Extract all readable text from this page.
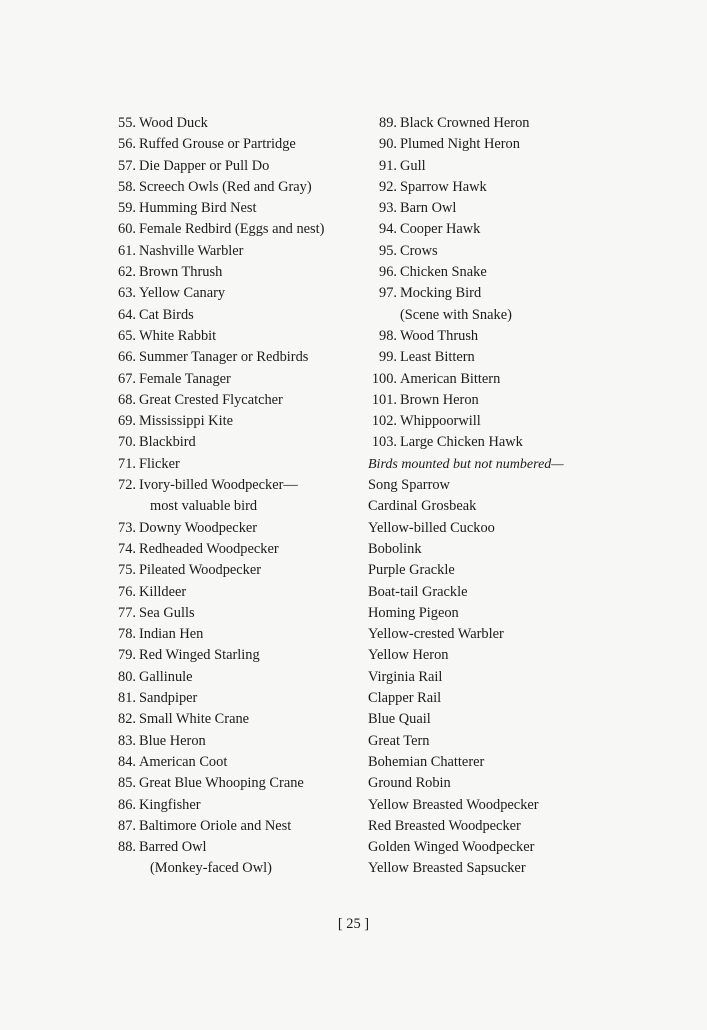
55. Wood Duck
56. Ruffed Grouse or Partridge
57. Die Dapper or Pull Do
58. Screech Owls (Red and Gray)
59. Humming Bird Nest
60. Female Redbird (Eggs and nest)
61. Nashville Warbler
62. Brown Thrush
63. Yellow Canary
64. Cat Birds
65. White Rabbit
66. Summer Tanager or Redbirds
67. Female Tanager
68. Great Crested Flycatcher
69. Mississippi Kite
70. Blackbird
71. Flicker
72. Ivory-billed Woodpecker—
most valuable bird
73. Downy Woodpecker
74. Redheaded Woodpecker
75. Pileated Woodpecker
76. Killdeer
77. Sea Gulls
78. Indian Hen
79. Red Winged Starling
80. Gallinule
81. Sandpiper
82. Small White Crane
83. Blue Heron
84. American Coot
85. Great Blue Whooping Crane
86. Kingfisher
87. Baltimore Oriole and Nest
88. Barred Owl
(Monkey-faced Owl)
89. Black Crowned Heron
90. Plumed Night Heron
91. Gull
92. Sparrow Hawk
93. Barn Owl
94. Cooper Hawk
95. Crows
96. Chicken Snake
97. Mocking Bird
(Scene with Snake)
98. Wood Thrush
99. Least Bittern
100. American Bittern
101. Brown Heron
102. Whippoorwill
103. Large Chicken Hawk
Birds mounted but not numbered—
Song Sparrow
Cardinal Grosbeak
Yellow-billed Cuckoo
Bobolink
Purple Grackle
Boat-tail Grackle
Homing Pigeon
Yellow-crested Warbler
Yellow Heron
Virginia Rail
Clapper Rail
Blue Quail
Great Tern
Bohemian Chatterer
Ground Robin
Yellow Breasted Woodpecker
Red Breasted Woodpecker
Golden Winged Woodpecker
Yellow Breasted Sapsucker
[ 25 ]
